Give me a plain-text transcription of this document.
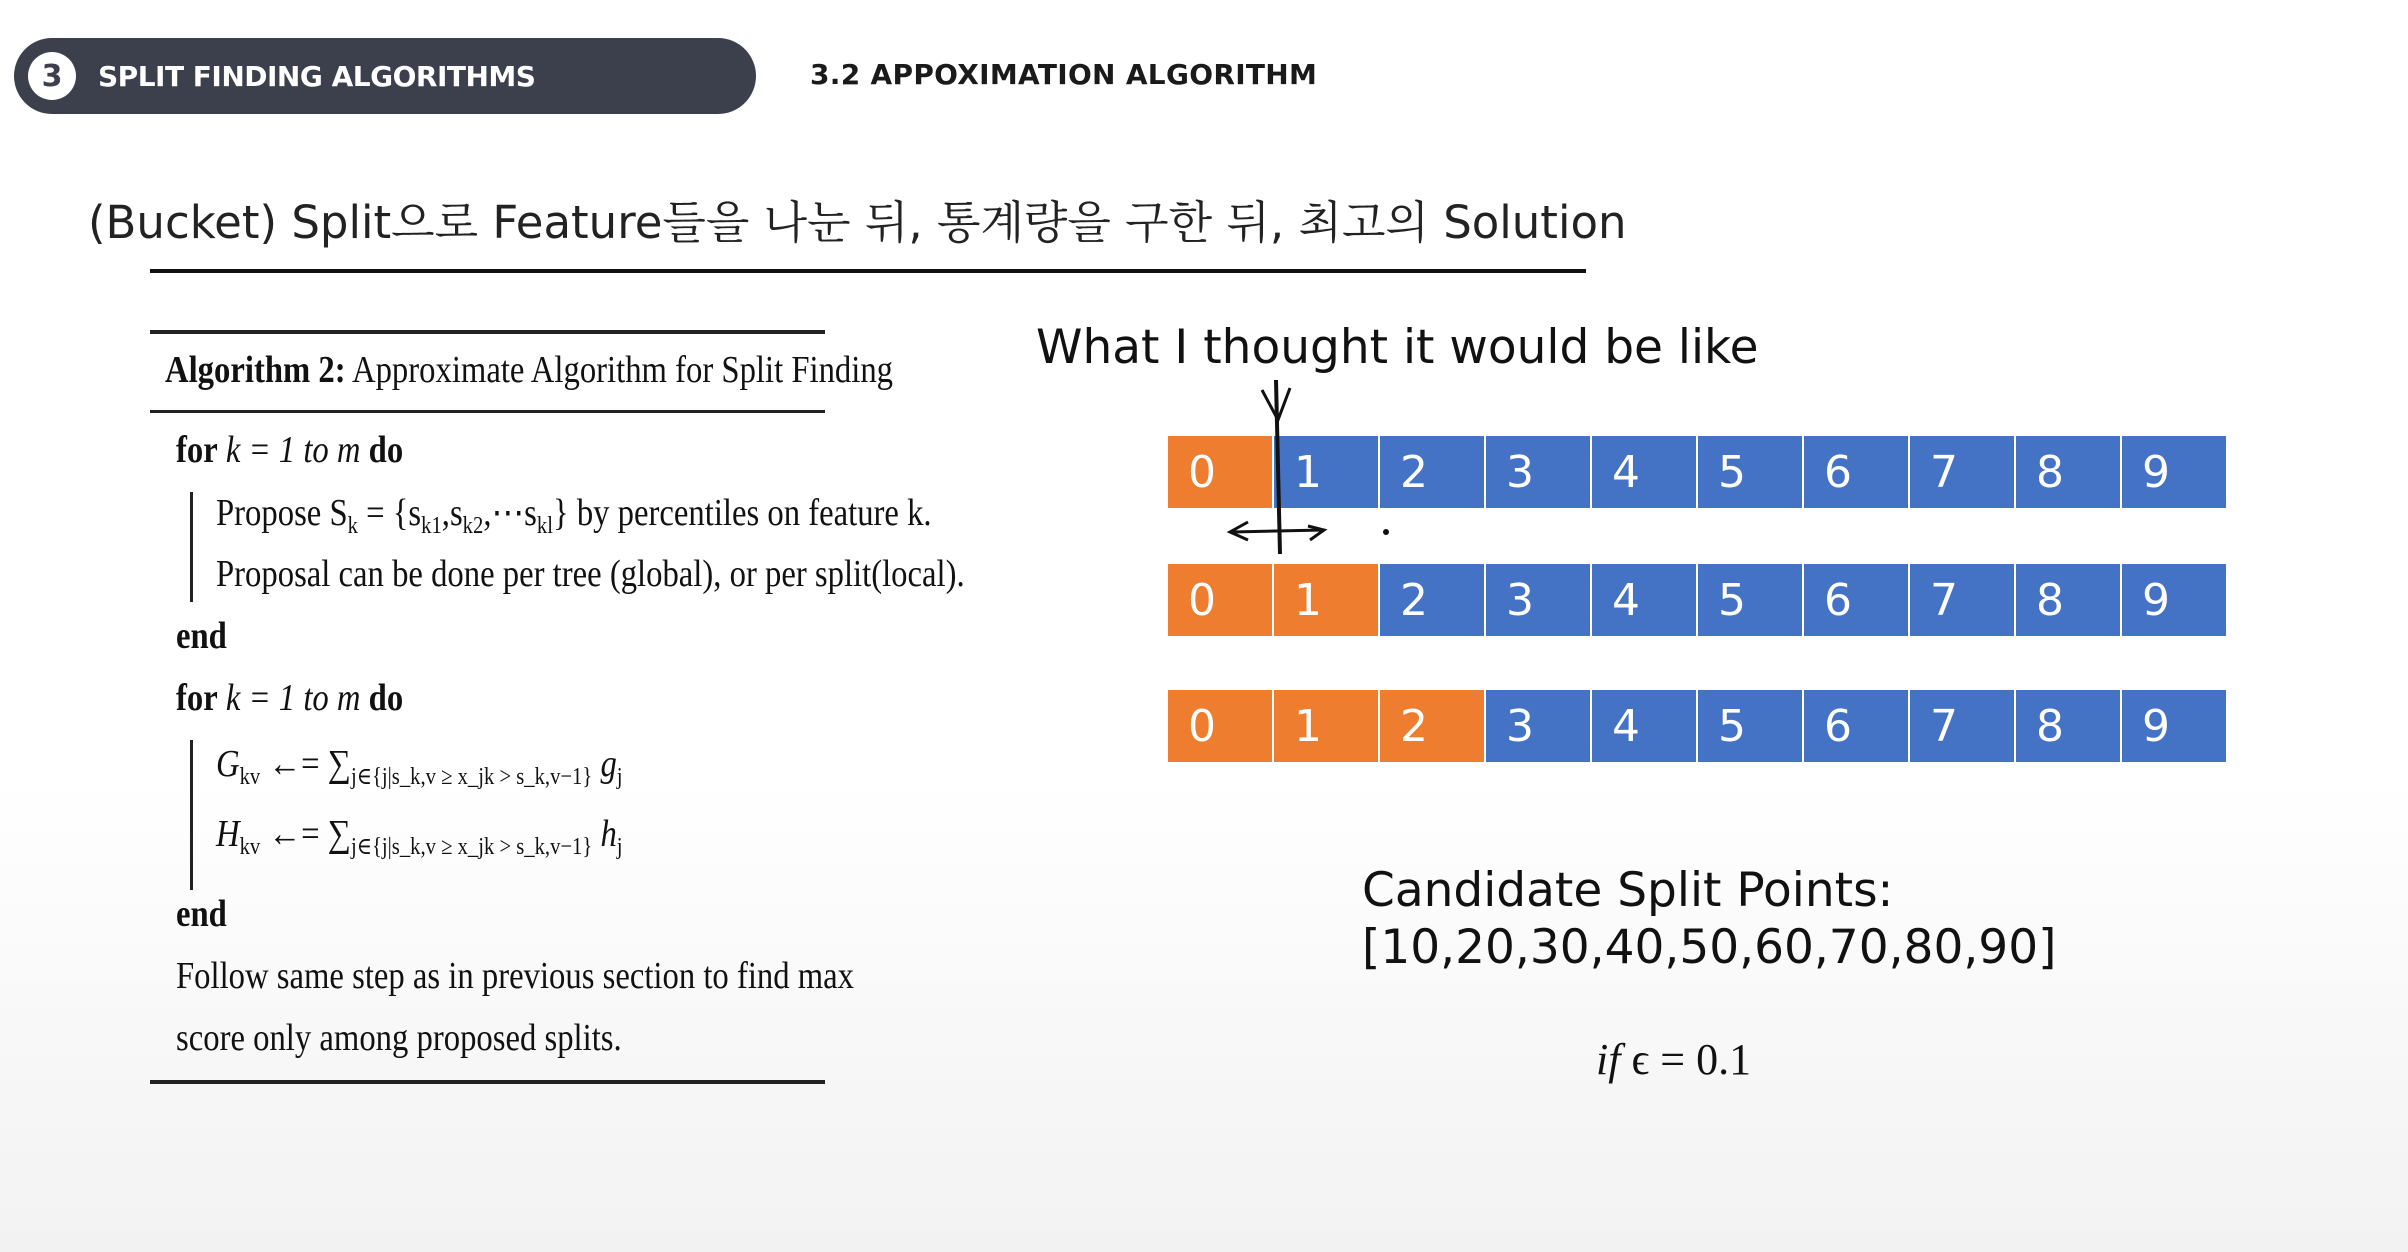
3	SPLIT FINDING ALGORITHMS	3.2 APPOXIMATION ALGORITHM
(Bucket) Split으로 Feature들을 나눈 뒤, 통계량을 구한 뒤, 최고의 Solution
Algorithm 2: Approximate Algorithm for Split Finding
for k = 1 to m do
Propose $S_k$ = $\{s_{k1},s_{k2},\cdots s_{kl}\}$ by percentiles on feature k.
Proposal can be done per tree (global), or per split(local).
end
for k = 1 to m do
$G_{kv}$ ←= $\sum_{j\in\{j|s\_k,v \ge x\_jk > s\_k,v-1\}}$ $g_j$
$H_{kv}$ ←= $\sum_{j\in\{j|s\_k,v \ge x\_jk > s\_k,v-1\}}$ $h_j$
end
Follow same step as in previous section to find max
score only among proposed splits.
What I thought it would be like
0	1	2	3	4	5	6	7	8	9
0	1	2	3	4	5	6	7	8	9
0	1	2	3	4	5	6	7	8	9
Candidate Split Points:
[10,20,30,40,50,60,70,80,90]
if ϵ = 0.1
